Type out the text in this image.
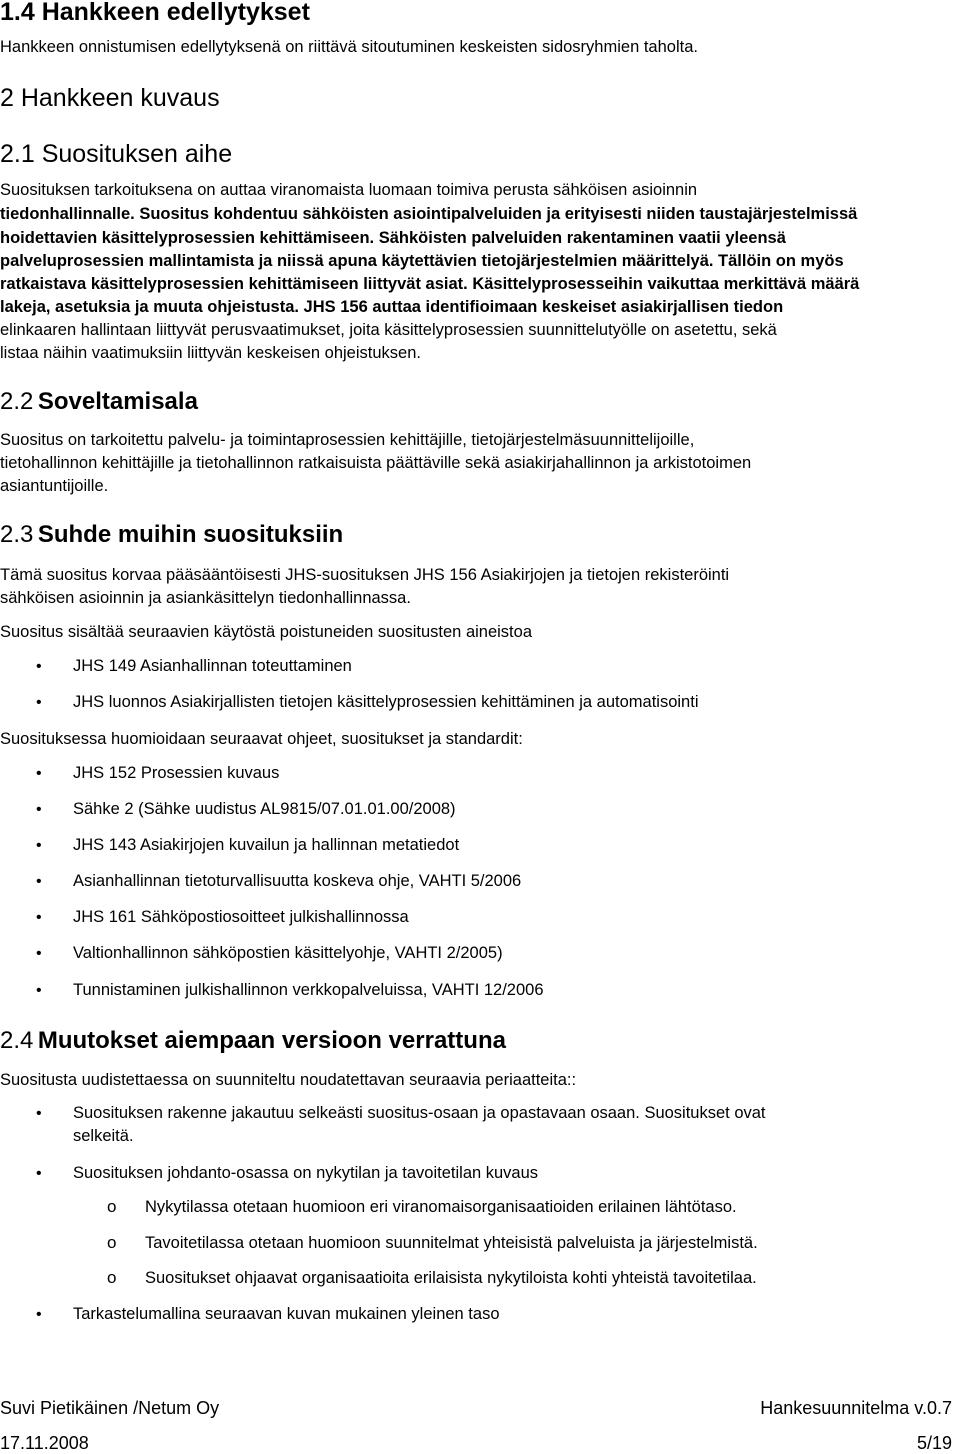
1.4 Hankkeen edellytykset
Hankkeen onnistumisen edellytyksenä on riittävä sitoutuminen keskeisten sidosryhmien taholta.
2 Hankkeen kuvaus
2.1 Suosituksen aihe
Suosituksen tarkoituksena on auttaa viranomaista luomaan toimiva perusta sähköisen asioinnin
tiedonhallinnalle. Suositus kohdentuu sähköisten asiointipalveluiden ja erityisesti niiden taustajärjestelmissä
hoidettavien käsittelyprosessien kehittämiseen. Sähköisten palveluiden rakentaminen vaatii yleensä
palveluprosessien mallintamista ja niissä apuna käytettävien tietojärjestelmien määrittelyä. Tällöin on myös
ratkaistava käsittelyprosessien kehittämiseen liittyvät asiat. Käsittelyprosesseihin vaikuttaa merkittävä määrä
lakeja, asetuksia ja muuta ohjeistusta. JHS 156 auttaa identifioimaan keskeiset asiakirjallisen tiedon
elinkaaren hallintaan liittyvät perusvaatimukset, joita käsittelyprosessien suunnittelutyölle on asetettu, sekä
listaa näihin vaatimuksiin liittyvän keskeisen ohjeistuksen.
2.2 Soveltamisala
Suositus on tarkoitettu palvelu- ja toimintaprosessien kehittäjille, tietojärjestelmäsuunnittelijoille,
tietohallinnon kehittäjille ja tietohallinnon ratkaisuista päättäville sekä asiakirjahallinnon ja arkistotoimen
asiantuntijoille.
2.3 Suhde muihin suosituksiin
Tämä suositus korvaa pääsääntöisesti JHS-suosituksen JHS 156 Asiakirjojen ja tietojen rekisteröinti
sähköisen asioinnin ja asiankäsittelyn tiedonhallinnassa.
Suositus sisältää seuraavien käytöstä poistuneiden suositusten aineistoa
• JHS 149 Asianhallinnan toteuttaminen
• JHS luonnos Asiakirjallisten tietojen käsittelyprosessien kehittäminen ja automatisointi
Suosituksessa huomioidaan seuraavat ohjeet, suositukset ja standardit:
• JHS 152 Prosessien kuvaus
• Sähke 2 (Sähke uudistus AL9815/07.01.01.00/2008)
• JHS 143 Asiakirjojen kuvailun ja hallinnan metatiedot
• Asianhallinnan tietoturvallisuutta koskeva ohje, VAHTI 5/2006
• JHS 161 Sähköpostiosoitteet julkishallinnossa
• Valtionhallinnon sähköpostien käsittelyohje, VAHTI 2/2005)
• Tunnistaminen julkishallinnon verkkopalveluissa, VAHTI 12/2006
2.4 Muutokset aiempaan versioon verrattuna
Suositusta uudistettaessa on suunniteltu noudatettavan seuraavia periaatteita::
• Suosituksen rakenne jakautuu selkeästi suositus-osaan ja opastavaan osaan. Suositukset ovat
selkeitä.
• Suosituksen johdanto-osassa on nykytilan ja tavoitetilan kuvaus
o Nykytilassa otetaan huomioon eri viranomaisorganisaatioiden erilainen lähtötaso.
o Tavoitetilassa otetaan huomioon suunnitelmat yhteisistä palveluista ja järjestelmistä.
o Suositukset ohjaavat organisaatioita erilaisista nykytiloista kohti yhteistä tavoitetilaa.
• Tarkastelumallina seuraavan kuvan mukainen yleinen taso
Suvi Pietikäinen /Netum Oy	Hankesuunnitelma v.0.7
17.11.2008	5/19
